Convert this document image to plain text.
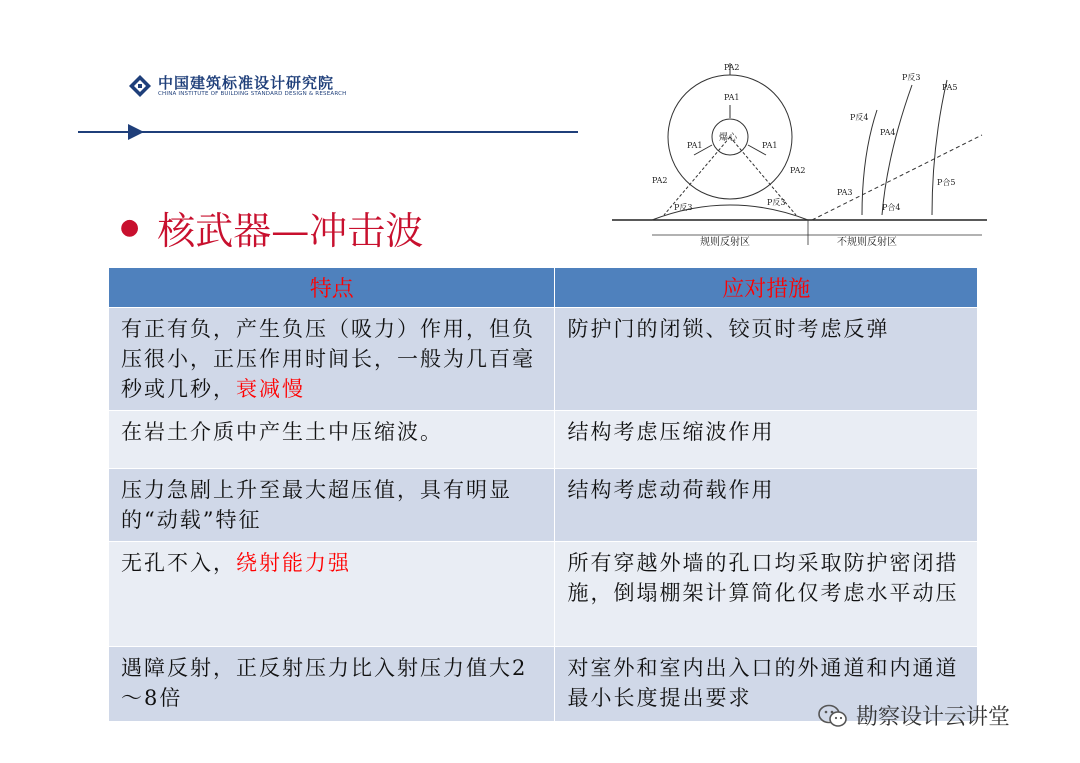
中国建筑标准设计研究院
CHINA INSTITUTE OF BUILDING STANDARD DESIGN & RESEARCH
● 核武器—冲击波
PA2
PA1
爆心
PA1	PA1
PA2
PA2
P反3
P反3
P反4
PA3
PA4
P反3
PA5
P合4
P合5
规则反射区	不规则反射区
特点	应对措施
有正有负，产生负压（吸力）作用，但负压很小，正压作用时间长，一般为几百毫秒或几秒，衰减慢	防护门的闭锁、铰页时考虑反弹
在岩土介质中产生土中压缩波。	结构考虑压缩波作用
压力急剧上升至最大超压值，具有明显的“动载”特征	结构考虑动荷载作用
无孔不入，绕射能力强	所有穿越外墙的孔口均采取防护密闭措施，倒塌棚架计算简化仅考虑水平动压
遇障反射，正反射压力比入射压力值大2～8倍	对室外和室内出入口的外通道和内通道最小长度提出要求
勘察设计云讲堂
